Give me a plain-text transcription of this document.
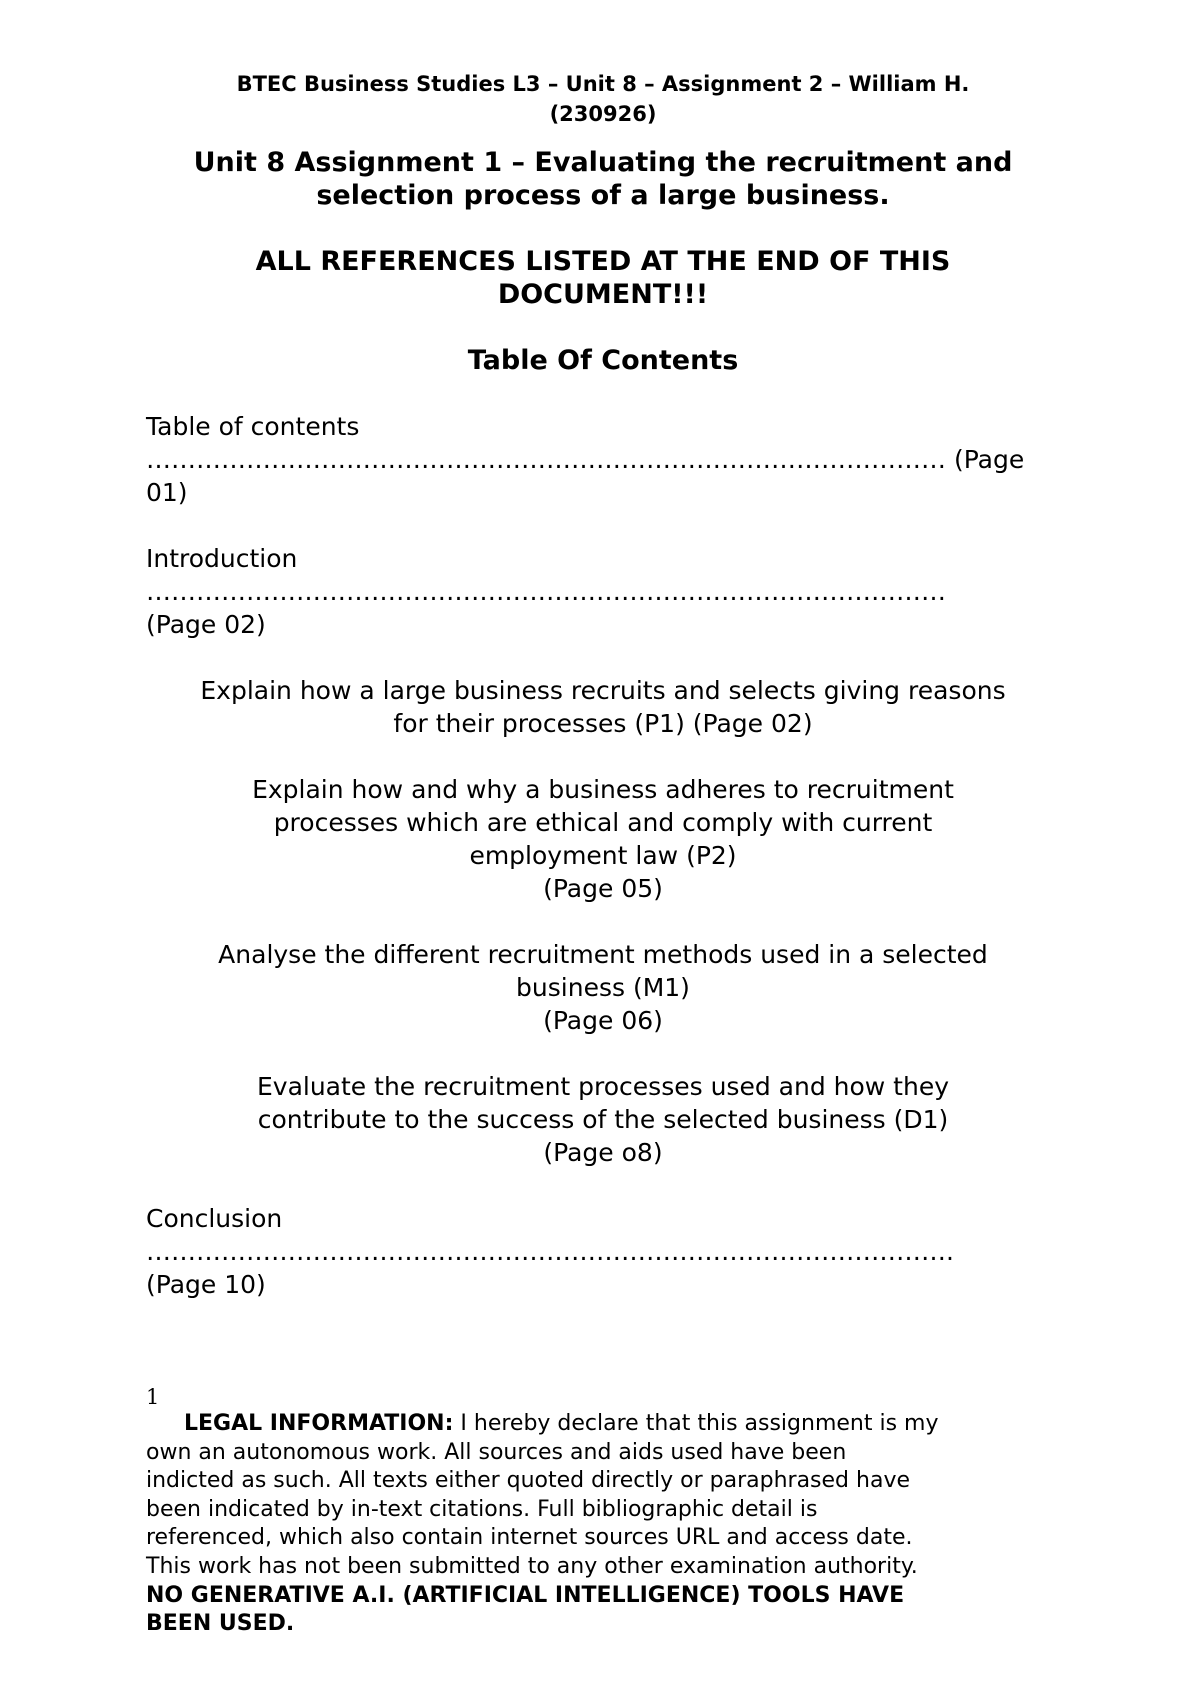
BTEC Business Studies L3 – Unit 8 – Assignment 2 – William H.
(230926)
Unit 8 Assignment 1 – Evaluating the recruitment and
selection process of a large business.
ALL REFERENCES LISTED AT THE END OF THIS
DOCUMENT!!!
Table Of Contents
Table of contents
…………………………………………………………………………………… (Page
01)
Introduction
……………………………………………………………………………………
(Page 02)
Explain how a large business recruits and selects giving reasons
for their processes (P1) (Page 02)
Explain how and why a business adheres to recruitment
processes which are ethical and comply with current
employment law (P2)
(Page 05)
Analyse the different recruitment methods used in a selected
business (M1)
(Page 06)
Evaluate the recruitment processes used and how they
contribute to the success of the selected business (D1)
(Page o8)
Conclusion
…………………………………………………………………………………….
(Page 10)
1
LEGAL INFORMATION: I hereby declare that this assignment is my
own an autonomous work. All sources and aids used have been
indicted as such. All texts either quoted directly or paraphrased have
been indicated by in-text citations. Full bibliographic detail is
referenced, which also contain internet sources URL and access date.
This work has not been submitted to any other examination authority.
NO GENERATIVE A.I. (ARTIFICIAL INTELLIGENCE) TOOLS HAVE
BEEN USED.
